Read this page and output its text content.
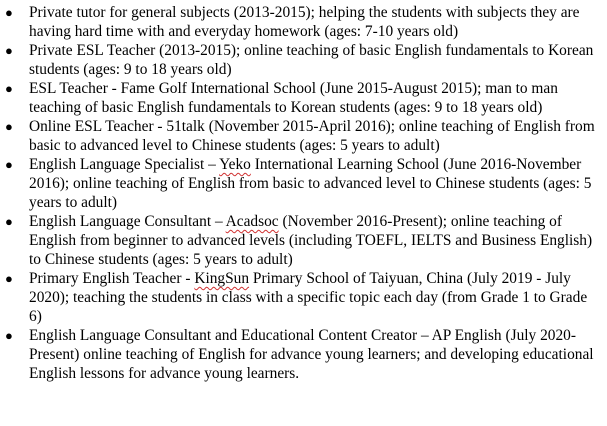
● Private tutor for general subjects (2013-2015); helping the students with subjects they are having hard time with and everyday homework (ages: 7-10 years old)
● Private ESL Teacher (2013-2015); online teaching of basic English fundamentals to Korean students (ages: 9 to 18 years old)
● ESL Teacher - Fame Golf International School (June 2015-August 2015); man to man teaching of basic English fundamentals to Korean students (ages: 9 to 18 years old)
● Online ESL Teacher - 51talk (November 2015-April 2016); online teaching of English from basic to advanced level to Chinese students (ages: 5 years to adult)
● English Language Specialist – Yeko International Learning School (June 2016-November 2016); online teaching of English from basic to advanced level to Chinese students (ages: 5 years to adult)
● English Language Consultant – Acadsoc (November 2016-Present); online teaching of English from beginner to advanced levels (including TOEFL, IELTS and Business English) to Chinese students (ages: 5 years to adult)
● Primary English Teacher - KingSun Primary School of Taiyuan, China (July 2019 - July 2020); teaching the students in class with a specific topic each day (from Grade 1 to Grade 6)
● English Language Consultant and Educational Content Creator – AP English (July 2020-Present) online teaching of English for advance young learners; and developing educational English lessons for advance young learners.
